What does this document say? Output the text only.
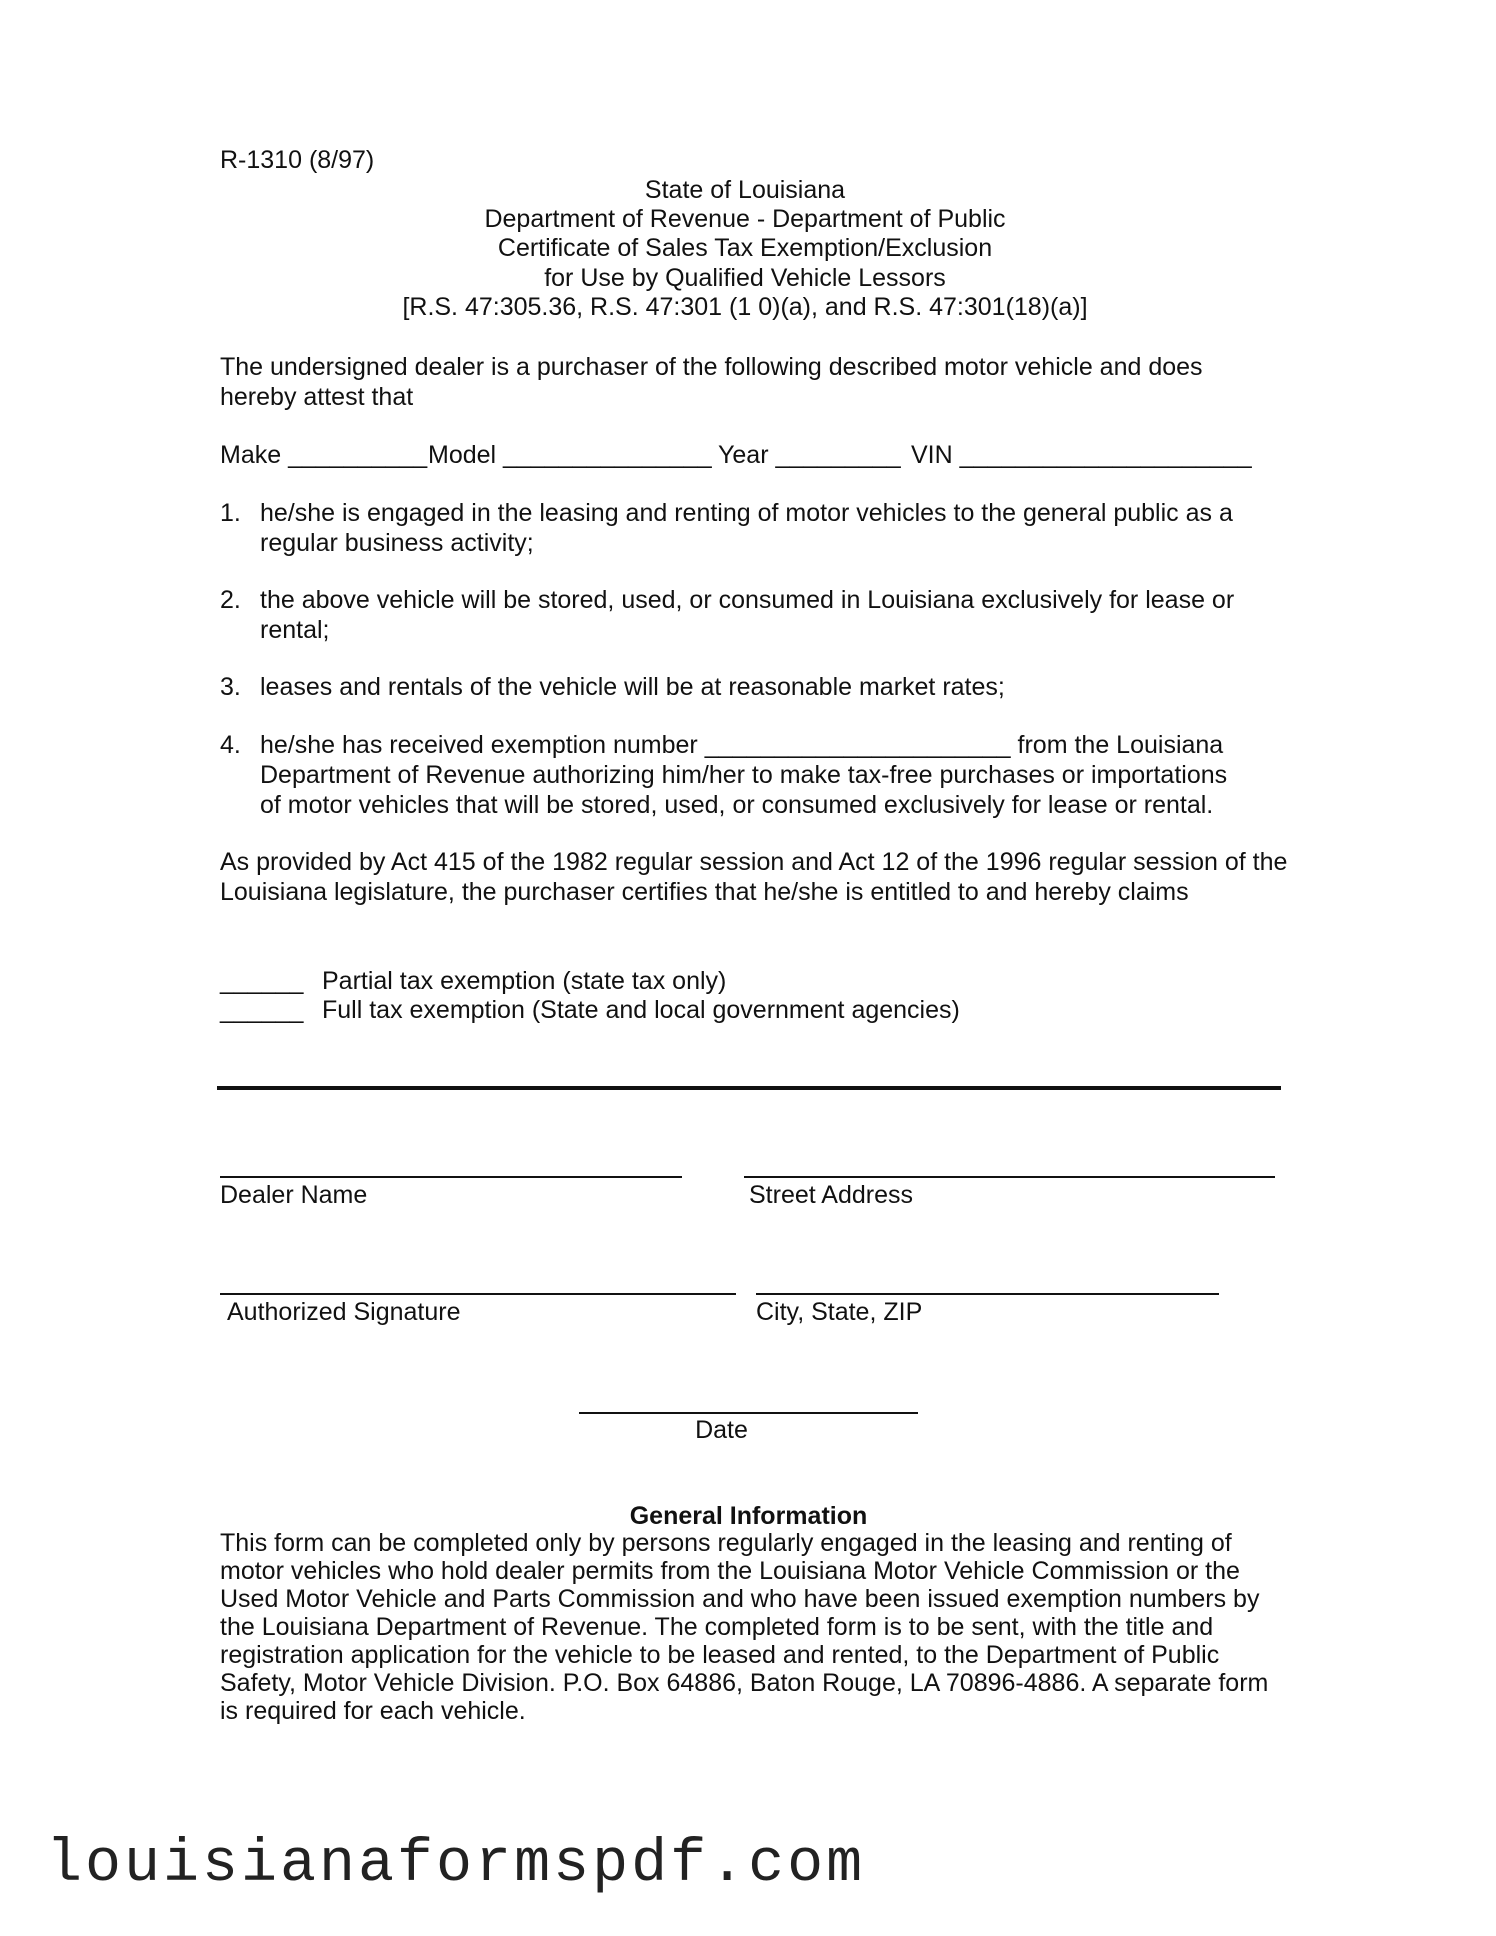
R-1310 (8/97)
State of Louisiana
Department of Revenue - Department of Public
Certificate of Sales Tax Exemption/Exclusion
for Use by Qualified Vehicle Lessors
[R.S. 47:305.36, R.S. 47:301 (1 0)(a), and R.S. 47:301(18)(a)]
The undersigned dealer is a purchaser of the following described motor vehicle and does hereby attest that
Make __________ Model _______________ Year _________ VIN _____________________
1. he/she is engaged in the leasing and renting of motor vehicles to the general public as a regular business activity;
2. the above vehicle will be stored, used, or consumed in Louisiana exclusively for lease or rental;
3. leases and rentals of the vehicle will be at reasonable market rates;
4. he/she has received exemption number ______________________ from the Louisiana Department of Revenue authorizing him/her to make tax-free purchases or importations of motor vehicles that will be stored, used, or consumed exclusively for lease or rental.
As provided by Act 415 of the 1982 regular session and Act 12 of the 1996 regular session of the Louisiana legislature, the purchaser certifies that he/she is entitled to and hereby claims
______ Partial tax exemption (state tax only)
______ Full tax exemption (State and local government agencies)
Dealer Name	Street Address
Authorized Signature	City, State, ZIP
Date
General Information
This form can be completed only by persons regularly engaged in the leasing and renting of motor vehicles who hold dealer permits from the Louisiana Motor Vehicle Commission or the Used Motor Vehicle and Parts Commission and who have been issued exemption numbers by the Louisiana Department of Revenue. The completed form is to be sent, with the title and registration application for the vehicle to be leased and rented, to the Department of Public Safety, Motor Vehicle Division. P.O. Box 64886, Baton Rouge, LA 70896-4886. A separate form is required for each vehicle.
louisianaformspdf.com
